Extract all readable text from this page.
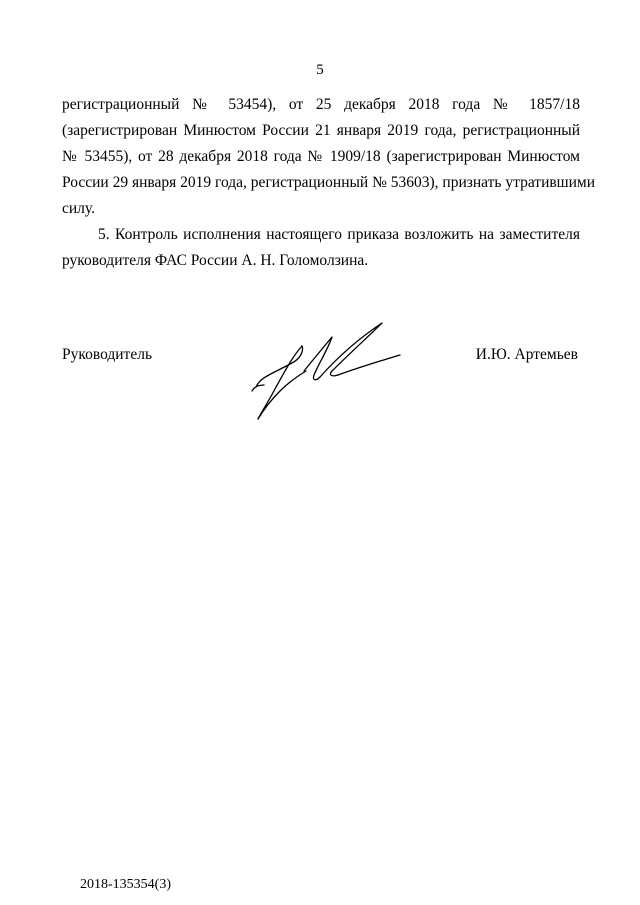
5
регистрационный № 53454), от 25 декабря 2018 года № 1857/18
(зарегистрирован Минюстом России 21 января 2019 года, регистрационный
№ 53455), от 28 декабря 2018 года № 1909/18 (зарегистрирован Минюстом
России 29 января 2019 года, регистрационный № 53603), признать утратившими
силу.
5. Контроль исполнения настоящего приказа возложить на заместителя
руководителя ФАС России А. Н. Голомолзина.
Руководитель	И.Ю. Артемьев
2018-135354(3)
